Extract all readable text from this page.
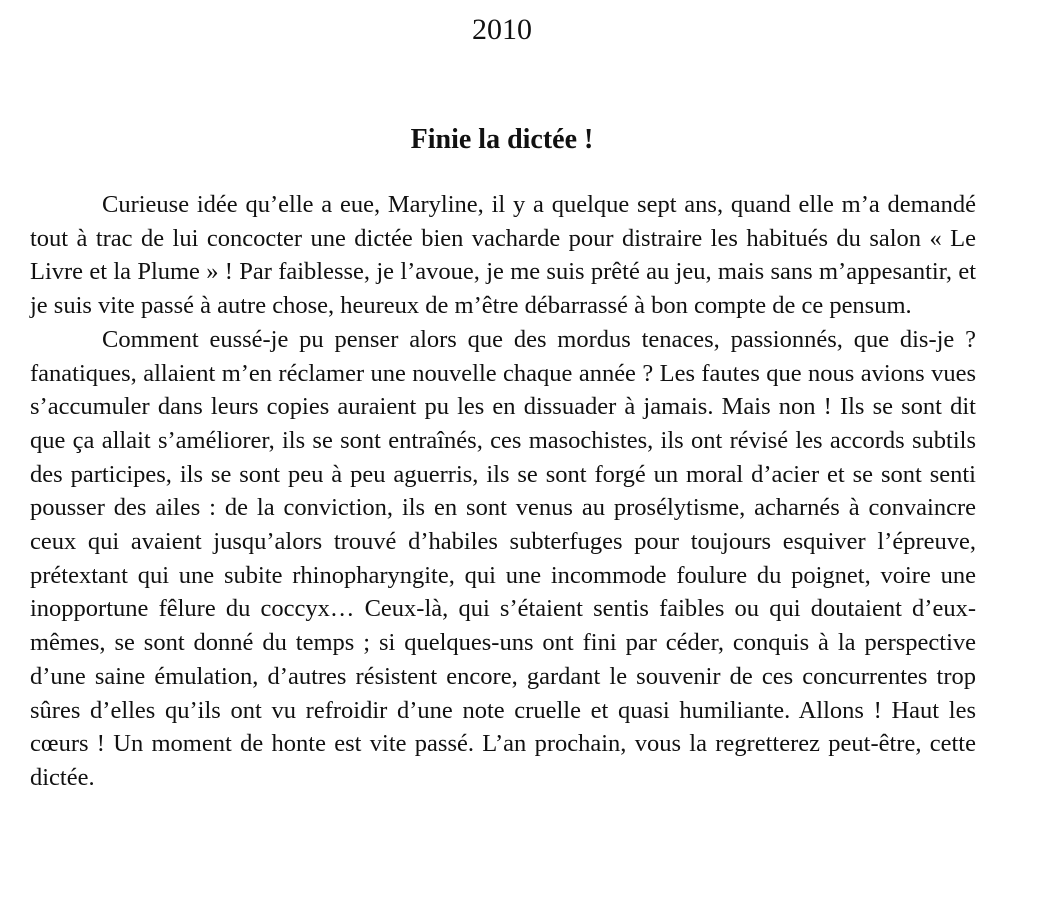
2010
Finie la dictée !

Curieuse idée qu’elle a eue, Maryline, il y a quelque sept ans, quand elle m’a demandé tout à trac de lui concocter une dictée bien vacharde pour distraire les habitués du salon « Le Livre et la Plume » ! Par faiblesse, je l’avoue, je me suis prêté au jeu, mais sans m’appesantir, et je suis vite passé à autre chose, heureux de m’être débarrassé à bon compte de ce pensum.

Comment eussé-je pu penser alors que des mordus tenaces, passionnés, que dis-je ? fanatiques, allaient m’en réclamer une nouvelle chaque année ? Les fautes que nous avions vues s’accumuler dans leurs copies auraient pu les en dissuader à jamais. Mais non ! Ils se sont dit que ça allait s’améliorer, ils se sont entraînés, ces masochistes, ils ont révisé les accords subtils des participes, ils se sont peu à peu aguerris, ils se sont forgé un moral d’acier et se sont senti pousser des ailes : de la conviction, ils en sont venus au prosélytisme, acharnés à convaincre ceux qui avaient jusqu’alors trouvé d’habiles subterfuges pour toujours esquiver l’épreuve, prétextant qui une subite rhinopharyngite, qui une incommode foulure du poignet, voire une inopportune fêlure du coccyx… Ceux-là, qui s’étaient sentis faibles ou qui doutaient d’eux-mêmes, se sont donné du temps ; si quelques-uns ont fini par céder, conquis à la perspective d’une saine émulation, d’autres résistent encore, gardant le souvenir de ces concurrentes trop sûres d’elles qu’ils ont vu refroidir d’une note cruelle et quasi humiliante. Allons ! Haut les cœurs ! Un moment de honte est vite passé. L’an prochain, vous la regretterez peut-être, cette dictée.
